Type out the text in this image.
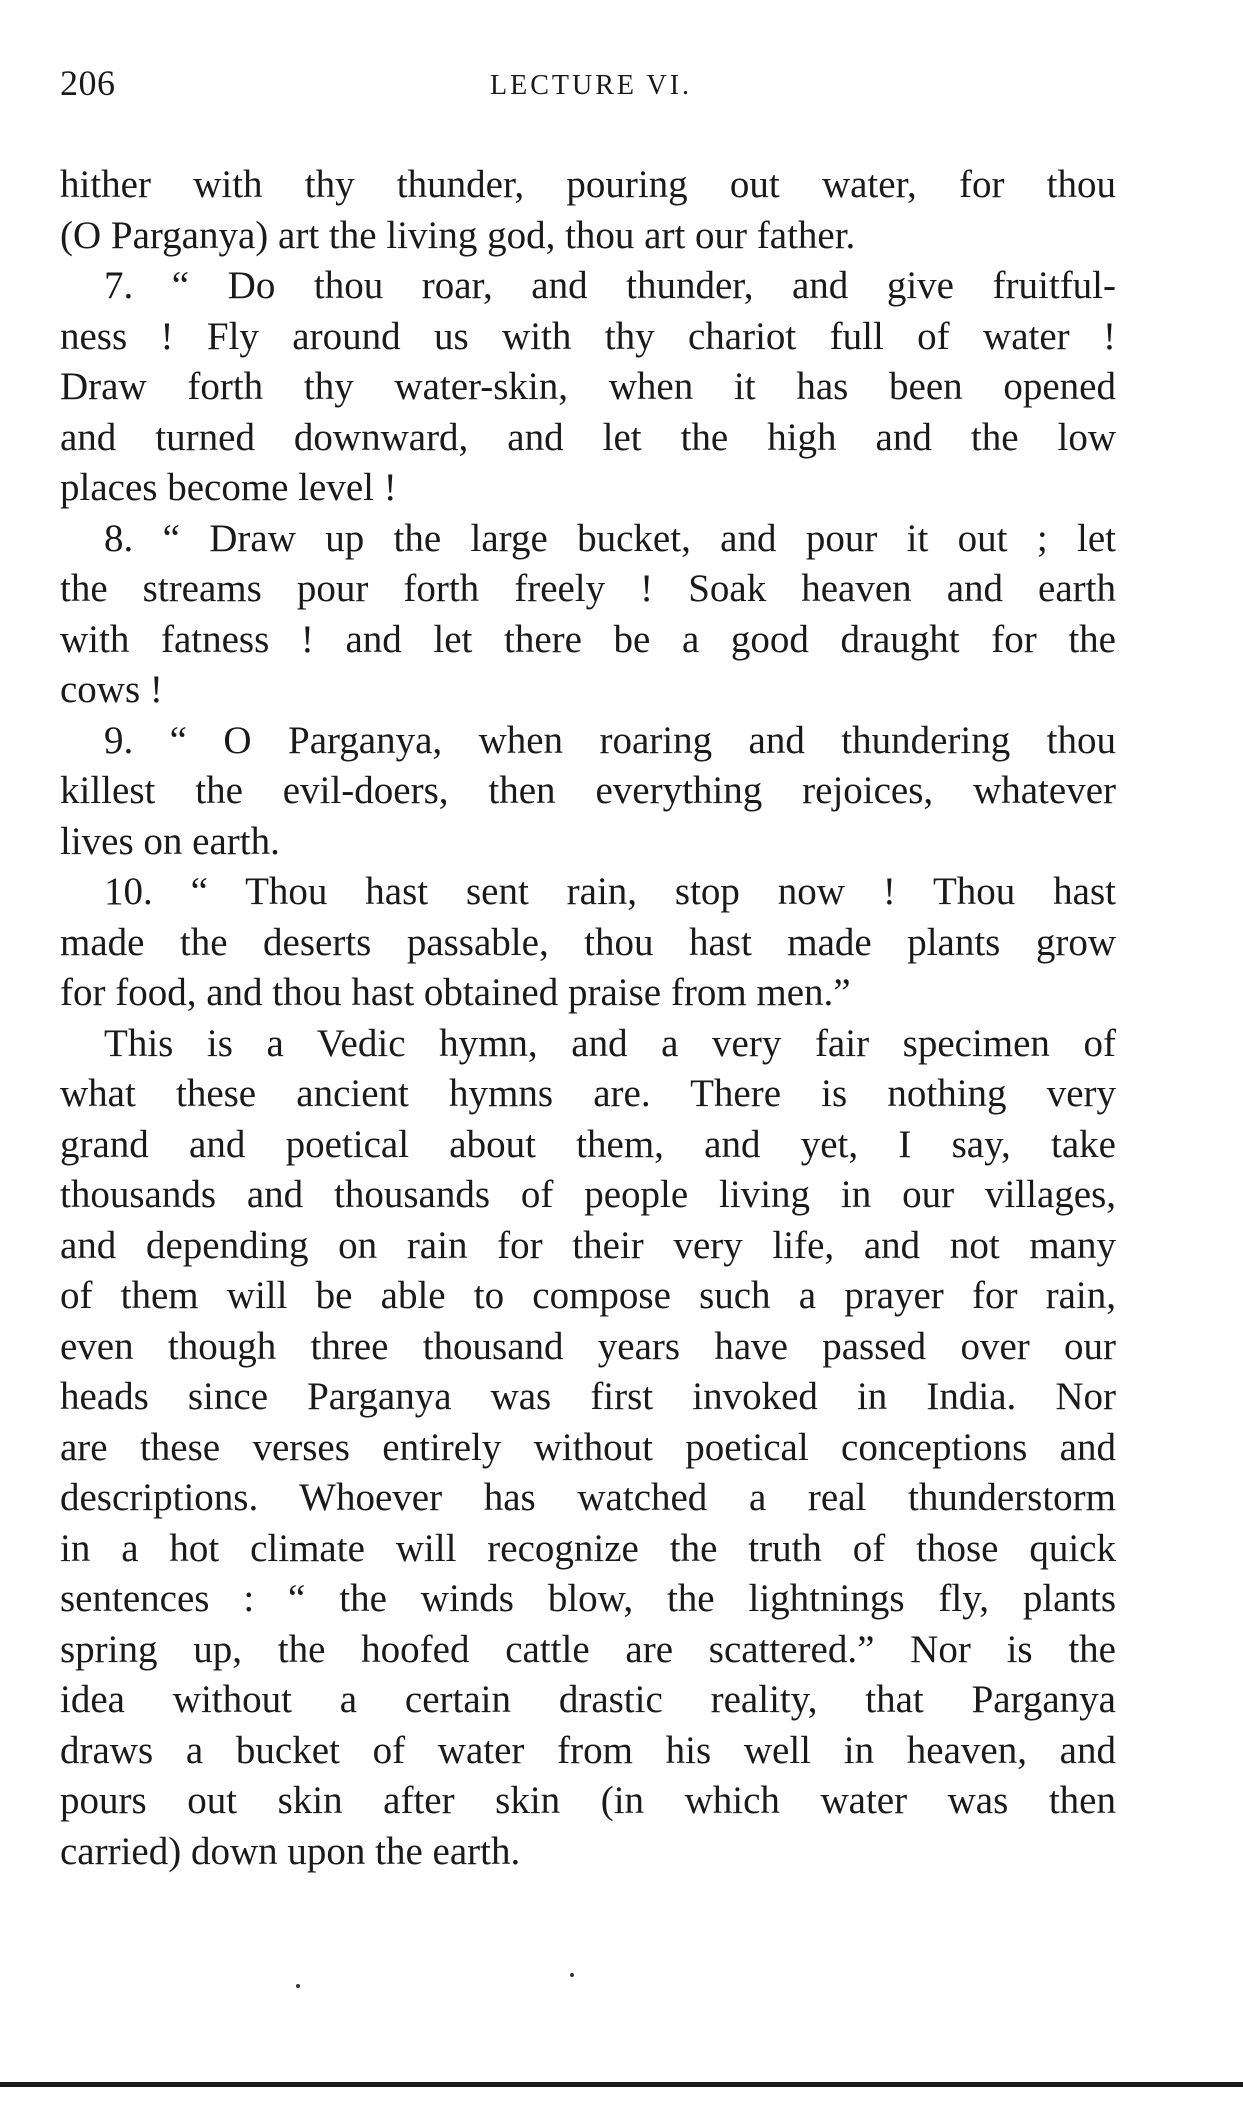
206	LECTURE VI.
hither with thy thunder, pouring out water, for thou
(O Parganya) art the living god, thou art our father.
7. “ Do thou roar, and thunder, and give fruitful-
ness ! Fly around us with thy chariot full of water !
Draw forth thy water-skin, when it has been opened
and turned downward, and let the high and the low
places become level !
8. “ Draw up the large bucket, and pour it out ; let
the streams pour forth freely ! Soak heaven and earth
with fatness ! and let there be a good draught for the
cows !
9. “ O Parganya, when roaring and thundering thou
killest the evil-doers, then everything rejoices, whatever
lives on earth.
10. “ Thou hast sent rain, stop now ! Thou hast
made the deserts passable, thou hast made plants grow
for food, and thou hast obtained praise from men.”
This is a Vedic hymn, and a very fair specimen of
what these ancient hymns are. There is nothing very
grand and poetical about them, and yet, I say, take
thousands and thousands of people living in our villages,
and depending on rain for their very life, and not many
of them will be able to compose such a prayer for rain,
even though three thousand years have passed over our
heads since Parganya was first invoked in India. Nor
are these verses entirely without poetical conceptions and
descriptions. Whoever has watched a real thunderstorm
in a hot climate will recognize the truth of those quick
sentences : “ the winds blow, the lightnings fly, plants
spring up, the hoofed cattle are scattered.” Nor is the
idea without a certain drastic reality, that Parganya
draws a bucket of water from his well in heaven, and
pours out skin after skin (in which water was then
carried) down upon the earth.
